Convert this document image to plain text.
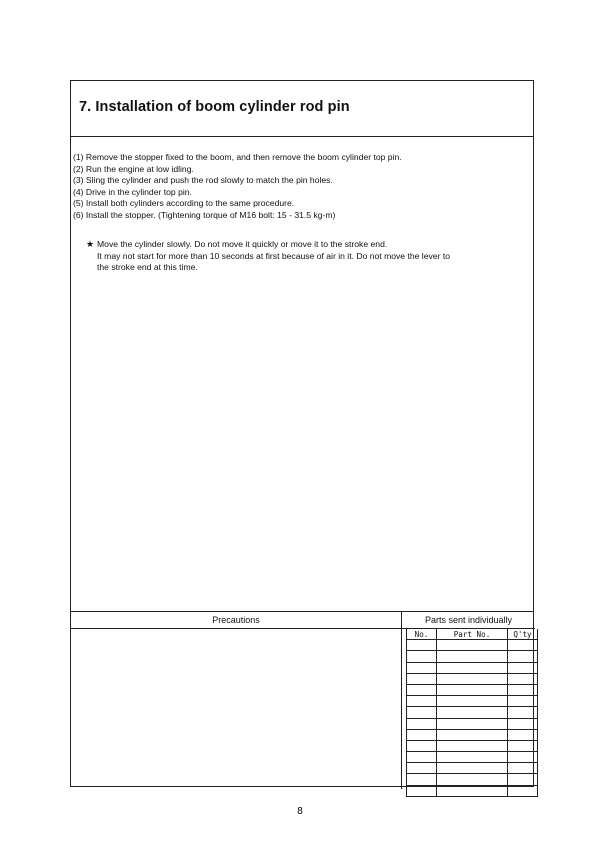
7. Installation of boom cylinder rod pin
(1) Remove the stopper fixed to the boom, and then remove the boom cylinder top pin.
(2) Run the engine at low idling.
(3) Sling the cylinder and push the rod slowly to match the pin holes.
(4) Drive in the cylinder top pin.
(5) Install both cylinders according to the same procedure.
(6) Install the stopper. (Tightening torque of M16 bolt: 15 - 31.5 kg-m)
★ Move the cylinder slowly. Do not move it quickly or move it to the stroke end.
It may not start for more than 10 seconds at first because of air in it. Do not move the lever to
the stroke end at this time.
Precautions	Parts sent individually
No.	Part No.	Q'ty

8
